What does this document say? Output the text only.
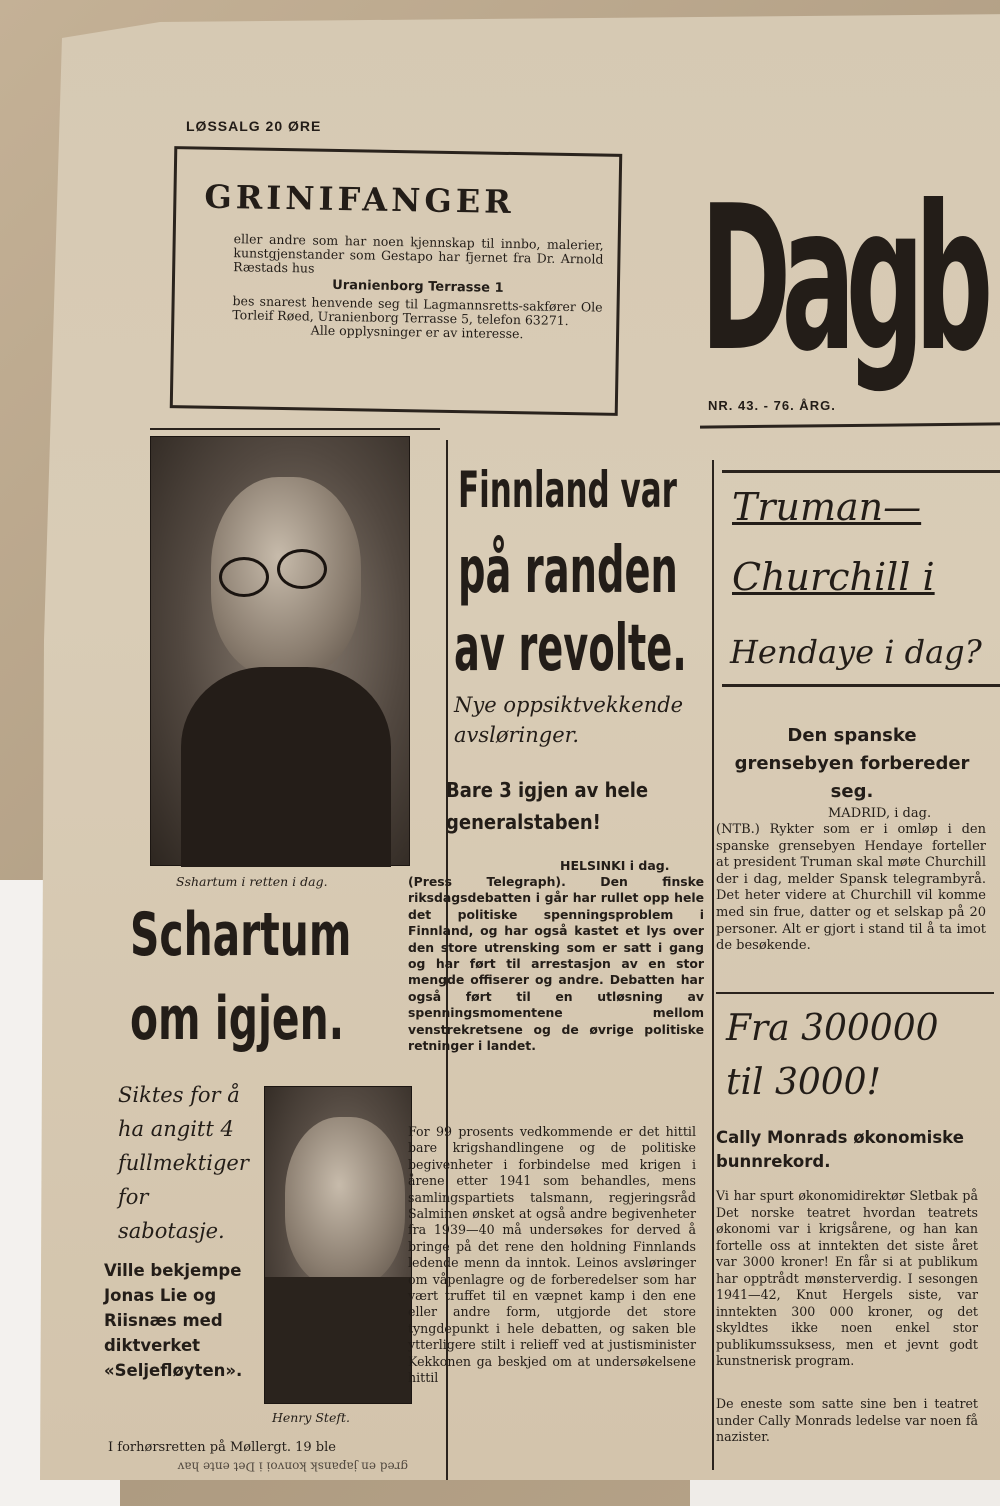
LØSSALG 20 ØRE
GRINIFANGER
eller andre som har noen kjennskap til innbo, malerier, kunstgjenstander som Gestapo har fjernet fra Dr. Arnold Ræstads hus
Uranienborg Terrasse 1
bes snarest henvende seg til Lagmannsretts-sakfører Ole Torleif Røed, Uranienborg Terrasse 5, telefon 63271.
Alle opplysninger er av interesse. Dagb
NR. 43. - 76. ÅRG.
Sshartum i retten i dag.
Schartum
om igjen.
Siktes for å ha angitt 4 fullmektiger for sabotasje.
Ville bekjempe Jonas Lie og Riisnæs med diktverket «Seljefløyten».
Henry Steft.
I forhørsretten på Møllergt. 19 ble
gred en japansk konvoi i Det ente hav
Finnland var
på randen
av revolte.
Nye oppsiktvekkende avsløringer.
Bare 3 igjen av hele generalstaben!
HELSINKI i dag.
(Press Telegraph). Den finske riksdagsdebatten i går har rullet opp hele det politiske spenningsproblem i Finnland, og har også kastet et lys over den store utrensking som er satt i gang og har ført til arrestasjon av en stor mengde offiserer og andre. Debatten har også ført til en utløsning av spenningsmomentene mellom venstrekretsene og de øvrige politiske retninger i landet.
For 99 prosents vedkommende er det hittil bare krigshandlingene og de politiske begivenheter i forbindelse med krigen i årene etter 1941 som behandles, mens samlingspartiets talsmann, regjeringsråd Salminen ønsket at også andre begivenheter fra 1939—40 må undersøkes for derved å bringe på det rene den holdning Finnlands ledende menn da inntok. Leinos avsløringer om våpenlagre og de forberedelser som har vært truffet til en væpnet kamp i den ene eller andre form, utgjorde det store tyngdepunkt i hele debatten, og saken ble ytterligere stilt i relieff ved at justisminister Kekkonen ga beskjed om at undersøkelsene hittil
Truman—
Churchill i
Hendaye i dag?
Den spanske grensebyen forbereder seg.
MADRID, i dag.
(NTB.) Rykter som er i omløp i den spanske grensebyen Hendaye forteller at president Truman skal møte Churchill der i dag, melder Spansk telegrambyrå. Det heter videre at Churchill vil komme med sin frue, datter og et selskap på 20 personer. Alt er gjort i stand til å ta imot de besøkende.
Fra 300000
til 3000!
Cally Monrads økonomiske bunnrekord.
Vi har spurt økonomidirektør Sletbak på Det norske teatret hvordan teatrets økonomi var i krigsårene, og han kan fortelle oss at inntekten det siste året var 3000 kroner! En får si at publikum har opptrådt mønsterverdig. I sesongen 1941—42, Knut Hergels siste, var inntekten 300 000 kroner, og det skyldtes ikke noen enkel stor publikumssuksess, men et jevnt godt kunstnerisk program.
De eneste som satte sine ben i teatret under Cally Monrads ledelse var noen få nazister.
